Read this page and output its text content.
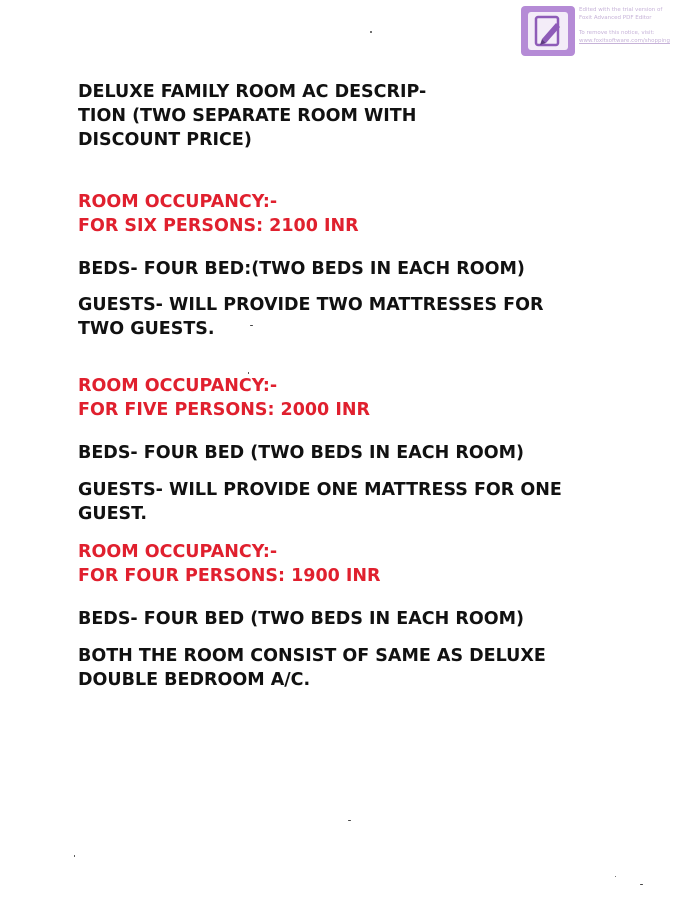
Edited with the trial version of
Foxit Advanced PDF Editor
To remove this notice, visit:
www.foxitsoftware.com/shopping
DELUXE FAMILY ROOM AC DESCRIP-
TION (TWO SEPARATE ROOM WITH
DISCOUNT PRICE)
ROOM OCCUPANCY:-
FOR SIX PERSONS: 2100 INR
BEDS- FOUR BED:(TWO BEDS IN EACH ROOM)
GUESTS- WILL PROVIDE TWO MATTRESSES FOR
TWO GUESTS.
ROOM OCCUPANCY:-
FOR FIVE PERSONS: 2000 INR
BEDS- FOUR BED (TWO BEDS IN EACH ROOM)
GUESTS- WILL PROVIDE ONE MATTRESS FOR ONE
GUEST.
ROOM OCCUPANCY:-
FOR FOUR PERSONS: 1900 INR
BEDS- FOUR BED (TWO BEDS IN EACH ROOM)
BOTH THE ROOM CONSIST OF SAME AS DELUXE
DOUBLE BEDROOM A/C.
